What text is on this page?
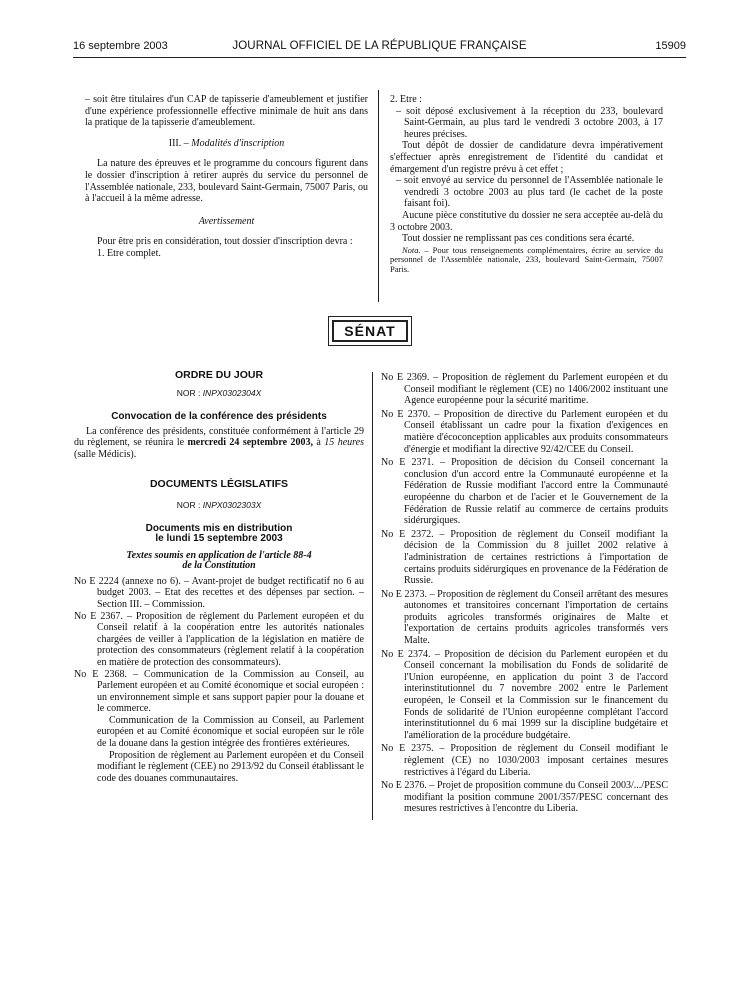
16 septembre 2003	JOURNAL OFFICIEL DE LA RÉPUBLIQUE FRANÇAISE	15909

– soit être titulaires d'un CAP de tapisserie d'ameublement et justifier d'une expérience professionnelle effective minimale de huit ans dans la pratique de la tapisserie d'ameublement.

III. – Modalités d'inscription

La nature des épreuves et le programme du concours figurent dans le dossier d'inscription à retirer auprès du service du personnel de l'Assemblée nationale, 233, boulevard Saint-Germain, 75007 Paris, ou à l'accueil à la même adresse.

Avertissement

Pour être pris en considération, tout dossier d'inscription devra :

1. Etre complet.

2. Etre :

– soit déposé exclusivement à la réception du 233, boulevard Saint-Germain, au plus tard le vendredi 3 octobre 2003, à 17 heures précises.

Tout dépôt de dossier de candidature devra impérativement s'effectuer après enregistrement de l'identité du candidat et émargement d'un registre prévu à cet effet ;

– soit envoyé au service du personnel de l'Assemblée nationale le vendredi 3 octobre 2003 au plus tard (le cachet de la poste faisant foi).

Aucune pièce constitutive du dossier ne sera acceptée au-delà du 3 octobre 2003.

Tout dossier ne remplissant pas ces conditions sera écarté.

Nota. – Pour tous renseignements complémentaires, écrire au service du personnel de l'Assemblée nationale, 233, boulevard Saint-Germain, 75007 Paris.

SÉNAT

ORDRE DU JOUR

NOR : INPX0302304X

Convocation de la conférence des présidents

La conférence des présidents, constituée conformément à l'article 29 du règlement, se réunira le mercredi 24 septembre 2003, à 15 heures (salle Médicis).

DOCUMENTS LÉGISLATIFS

NOR : INPX0302303X

Documents mis en distribution

le lundi 15 septembre 2003

Textes soumis en application de l'article 88-4

de la Constitution

No E 2224 (annexe no 6). – Avant-projet de budget rectificatif no 6 au budget 2003. – Etat des recettes et des dépenses par section. – Section III. – Commission.

No E 2367. – Proposition de règlement du Parlement européen et du Conseil relatif à la coopération entre les autorités nationales chargées de veiller à l'application de la législation en matière de protection des consommateurs (règlement relatif à la coopération en matière de protection des consommateurs).

No E 2368. – Communication de la Commission au Conseil, au Parlement européen et au Comité économique et social européen : un environnement simple et sans support papier pour la douane et le commerce.

Communication de la Commission au Conseil, au Parlement européen et au Comité économique et social européen sur le rôle de la douane dans la gestion intégrée des frontières extérieures.

Proposition de règlement au Parlement européen et du Conseil modifiant le règlement (CEE) no 2913/92 du Conseil établissant le code des douanes communautaires.

No E 2369. – Proposition de règlement du Parlement européen et du Conseil modifiant le règlement (CE) no 1406/2002 instituant une Agence européenne pour la sécurité maritime.

No E 2370. – Proposition de directive du Parlement européen et du Conseil établissant un cadre pour la fixation d'exigences en matière d'écoconception applicables aux produits consommateurs d'énergie et modifiant la directive 92/42/CEE du Conseil.

No E 2371. – Proposition de décision du Conseil concernant la conclusion d'un accord entre la Communauté européenne et la Fédération de Russie modifiant l'accord entre la Communauté européenne du charbon et de l'acier et le Gouvernement de la Fédération de Russie relatif au commerce de certains produits sidérurgiques.

No E 2372. – Proposition de règlement du Conseil modifiant la décision de la Commission du 8 juillet 2002 relative à l'administration de certaines restrictions à l'importation de certains produits sidérurgiques en provenance de la Fédération de Russie.

No E 2373. – Proposition de règlement du Conseil arrêtant des mesures autonomes et transitoires concernant l'importation de certains produits agricoles transformés originaires de Malte et l'exportation de certains produits agricoles transformés vers Malte.

No E 2374. – Proposition de décision du Parlement européen et du Conseil concernant la mobilisation du Fonds de solidarité de l'Union européenne, en application du point 3 de l'accord interinstitutionnel du 7 novembre 2002 entre le Parlement européen, le Conseil et la Commission sur le financement du Fonds de solidarité de l'Union européenne complétant l'accord interinstitutionnel du 6 mai 1999 sur la discipline budgétaire et l'amélioration de la procédure budgétaire.

No E 2375. – Proposition de règlement du Conseil modifiant le règlement (CE) no 1030/2003 imposant certaines mesures restrictives à l'égard du Liberia.

No E 2376. – Projet de proposition commune du Conseil 2003/.../PESC modifiant la position commune 2001/357/PESC concernant des mesures restrictives à l'encontre du Liberia.
